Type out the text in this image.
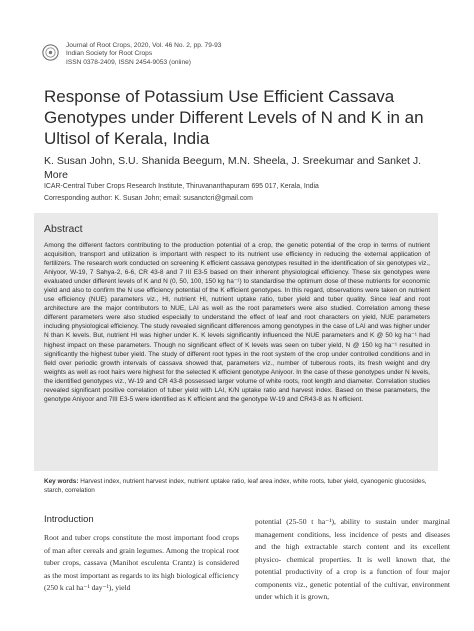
Journal of Root Crops, 2020, Vol. 46 No. 2, pp. 79-93
Indian Society for Root Crops
ISSN 0378-2409, ISSN 2454-9053 (online)
Response of Potassium Use Efficient Cassava Genotypes under Different Levels of N and K in an Ultisol of Kerala, India
K. Susan John, S.U. Shanida Beegum, M.N. Sheela, J. Sreekumar and Sanket J. More
ICAR-Central Tuber Crops Research Institute, Thiruvananthapuram 695 017, Kerala, India
Corresponding author: K. Susan John; email: susanctcri@gmail.com
Abstract
Among the different factors contributing to the production potential of a crop, the genetic potential of the crop in terms of nutrient acquisition, transport and utilization is important with respect to its nutrient use efficiency in reducing the external application of fertilizers. The research work conducted on screening K efficient cassava genotypes resulted in the identification of six genotypes viz., Aniyoor, W-19, 7 Sahya-2, 6-6, CR 43-8 and 7 III E3-5 based on their inherent physiological efficiency. These six genotypes were evaluated under different levels of K and N (0, 50, 100, 150 kg ha⁻¹) to standardise the optimum dose of these nutrients for economic yield and also to confirm the N use efficiency potential of the K efficient genotypes. In this regard, observations were taken on nutrient use efficiency (NUE) parameters viz., HI, nutrient HI, nutrient uptake ratio, tuber yield and tuber quality. Since leaf and root architecture are the major contributors to NUE, LAI as well as the root parameters were also studied. Correlation among these different parameters were also studied especially to understand the effect of leaf and root characters on yield, NUE parameters including physiological efficiency. The study revealed significant differences among genotypes in the case of LAI and was higher under N than K levels. But, nutrient HI was higher under K. K levels significantly influenced the NUE parameters and K @ 50 kg ha⁻¹ had highest impact on these parameters. Though no significant effect of K levels was seen on tuber yield, N @ 150 kg ha⁻¹ resulted in significantly the highest tuber yield. The study of different root types in the root system of the crop under controlled conditions and in field over periodic growth intervals of cassava showed that, parameters viz., number of tuberous roots, its fresh weight and dry weights as well as root hairs were highest for the selected K efficient genotype Aniyoor. In the case of these genotypes under N levels, the identified genotypes viz., W-19 and CR 43-8 possessed larger volume of white roots, root length and diameter. Correlation studies revealed significant positive correlation of tuber yield with LAI, K/N uptake ratio and harvest index. Based on these parameters, the genotype Aniyoor and 7III E3-5 were identified as K efficient and the genotype W-19 and CR43-8 as N efficient.
Key words: Harvest index, nutrient harvest index, nutrient uptake ratio, leaf area index, white roots, tuber yield, cyanogenic glucosides, starch, correlation
Introduction
Root and tuber crops constitute the most important food crops of man after cereals and grain legumes. Among the tropical root tuber crops, cassava (Manihot esculenta Crantz) is considered as the most important as regards to its high biological efficiency (250 k cal ha⁻¹ day⁻¹), yield
potential (25-50 t ha⁻¹), ability to sustain under marginal management conditions, less incidence of pests and diseases and the high extractable starch content and its excellent physico- chemical properties. It is well known that, the potential productivity of a crop is a function of four major components viz., genetic potential of the cultivar, environment under which it is grown,
